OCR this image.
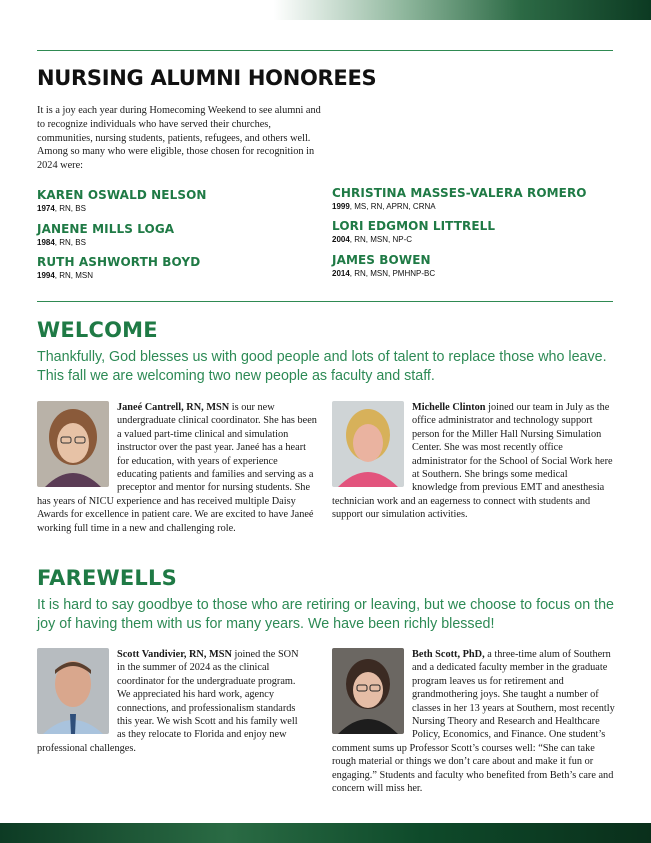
NURSING ALUMNI HONOREES
It is a joy each year during Homecoming Weekend to see alumni and to recognize individuals who have served their churches, communities, nursing students, patients, refugees, and others well. Among so many who were eligible, those chosen for recognition in 2024 were:
KAREN OSWALD NELSON
1974, RN, BS
JANENE MILLS LOGA
1984, RN, BS
RUTH ASHWORTH BOYD
1994, RN, MSN
CHRISTINA MASSES-VALERA ROMERO
1999, MS, RN, APRN, CRNA
LORI EDGMON LITTRELL
2004, RN, MSN, NP-C
JAMES BOWEN
2014, RN, MSN, PMHNP-BC
WELCOME
Thankfully, God blesses us with good people and lots of talent to replace those who leave. This fall we are welcoming two new people as faculty and staff.

Janeé Cantrell, RN, MSN is our new undergraduate clinical coordinator. She has been a valued part-time clinical and simulation instructor over the past year. Janeé has a heart for education, with years of experience educating patients and families and serving as a preceptor and mentor for nursing students. She has years of NICU experience and has received multiple Daisy Awards for excellence in patient care. We are excited to have Janeé working full time in a new and challenging role.

Michelle Clinton joined our team in July as the office administrator and technology support person for the Miller Hall Nursing Simulation Center. She was most recently office administrator for the School of Social Work here at Southern. She brings some medical knowledge from previous EMT and anesthesia technician work and an eagerness to connect with students and support our simulation activities.

FAREWELLS
It is hard to say goodbye to those who are retiring or leaving, but we choose to focus on the joy of having them with us for many years. We have been richly blessed!

Scott Vandivier, RN, MSN joined the SON in the summer of 2024 as the clinical coordinator for the undergraduate program. We appreciated his hard work, agency connections, and professionalism standards this year. We wish Scott and his family well as they relocate to Florida and enjoy new professional challenges.

Beth Scott, PhD, a three-time alum of Southern and a dedicated faculty member in the graduate program leaves us for retirement and grandmothering joys. She taught a number of classes in her 13 years at Southern, most recently Nursing Theory and Research and Healthcare Policy, Economics, and Finance. One student’s comment sums up Professor Scott’s courses well: “She can take rough material or things we don’t care about and make it fun or engaging.” Students and faculty who benefited from Beth’s care and concern will miss her.
